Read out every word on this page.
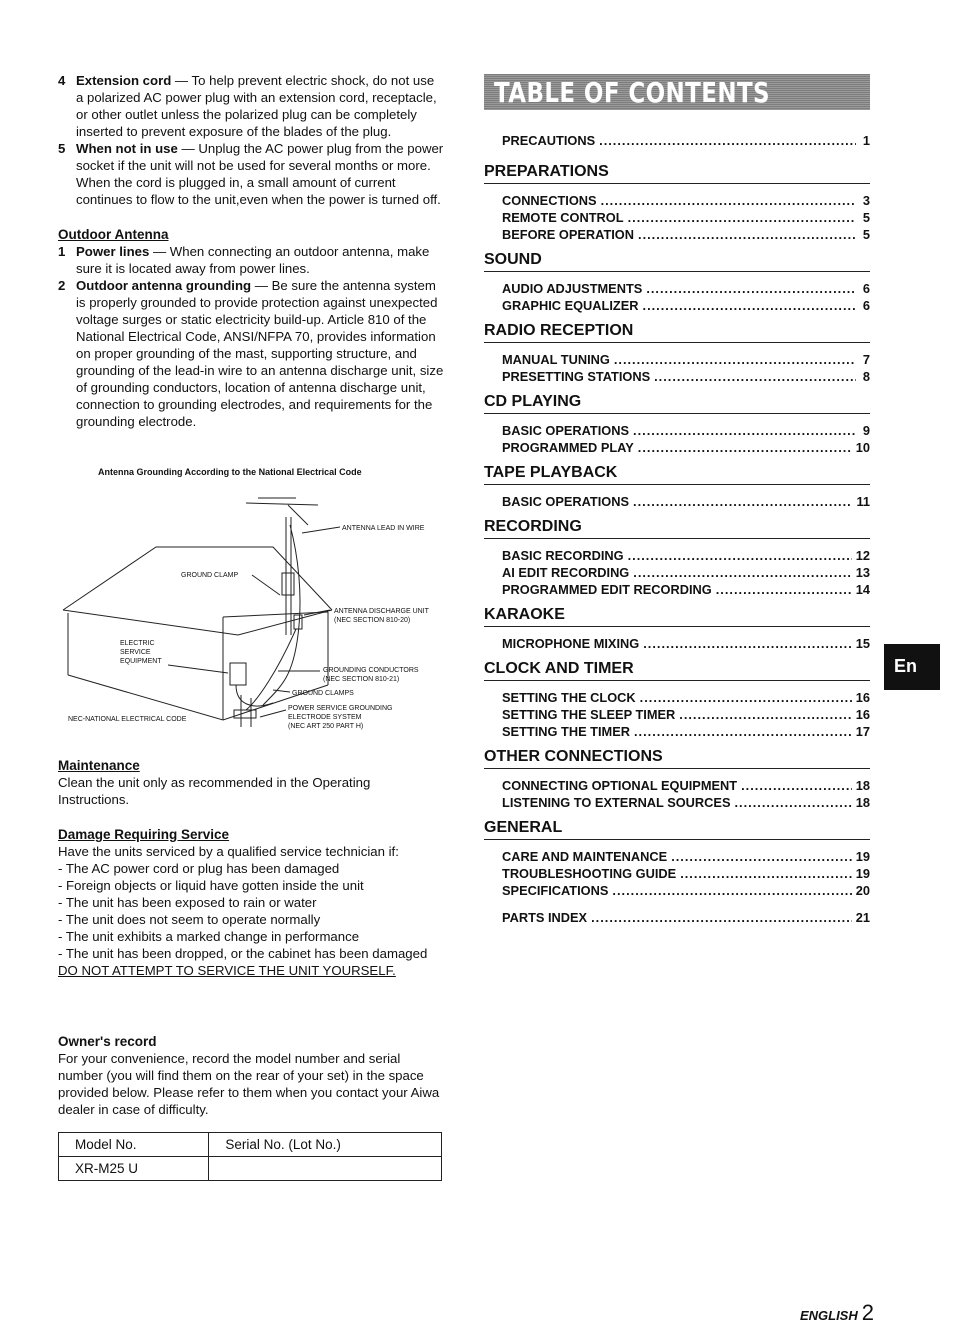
4 Extension cord — To help prevent electric shock, do not use a polarized AC power plug with an extension cord, receptacle, or other outlet unless the polarized plug can be completely inserted to prevent exposure of the blades of the plug.
5 When not in use — Unplug the AC power plug from the power socket if the unit will not be used for several months or more. When the cord is plugged in, a small amount of current continues to flow to the unit,even when the power is turned off.

Outdoor Antenna

1 Power lines — When connecting an outdoor antenna, make sure it is located away from power lines.
2 Outdoor antenna grounding — Be sure the antenna system is properly grounded to provide protection against unexpected voltage surges or static electricity build-up. Article 810 of the National Electrical Code, ANSI/NFPA 70, provides information on proper grounding of the mast, supporting structure, and grounding of the lead-in wire to an antenna discharge unit, size of grounding conductors, location of antenna discharge unit, connection to grounding electrodes, and requirements for the grounding electrode.
Antenna Grounding According to the National Electrical Code
ANTENNA LEAD IN WIRE
GROUND CLAMP
ANTENNA DISCHARGE UNIT
(NEC SECTION 810-20)
ELECTRIC
SERVICE
EQUIPMENT
GROUNDING CONDUCTORS
(NEC SECTION 810-21)
GROUND CLAMPS
POWER SERVICE GROUNDING
ELECTRODE SYSTEM
(NEC ART 250 PART H)
NEC-NATIONAL ELECTRICAL CODE

Maintenance

Clean the unit only as recommended in the Operating Instructions.

Damage Requiring Service

Have the units serviced by a qualified service technician if:
- The AC power cord or plug has been damaged
- Foreign objects or liquid have gotten inside the unit
- The unit has been exposed to rain or water
- The unit does not seem to operate normally
- The unit exhibits a marked change in performance
- The unit has been dropped, or the cabinet has been damaged
DO NOT ATTEMPT TO SERVICE THE UNIT YOURSELF.

Owner's record

For your convenience, record the model number and serial number (you will find them on the rear of your set) in the space provided below. Please refer to them when you contact your Aiwa dealer in case of difficulty.
Model No.	Serial No. (Lot No.)
XR-M25 U	
TABLE OF CONTENTS
PRECAUTIONS .....	1
PREPARATIONS
CONNECTIONS .....	3
REMOTE CONTROL .....	5
BEFORE OPERATION .....	5
SOUND
AUDIO ADJUSTMENTS .....	6
GRAPHIC EQUALIZER .....	6
RADIO RECEPTION
MANUAL TUNING .....	7
PRESETTING STATIONS .....	8
CD PLAYING
BASIC OPERATIONS .....	9
PROGRAMMED PLAY .....	10
TAPE PLAYBACK
BASIC OPERATIONS .....	11
RECORDING
BASIC RECORDING .....	12
AI EDIT RECORDING .....	13
PROGRAMMED EDIT RECORDING .....	14
KARAOKE
MICROPHONE MIXING .....	15
CLOCK AND TIMER
SETTING THE CLOCK .....	16
SETTING THE SLEEP TIMER .....	16
SETTING THE TIMER .....	17
OTHER CONNECTIONS
CONNECTING OPTIONAL EQUIPMENT .....	18
LISTENING TO EXTERNAL SOURCES .....	18
GENERAL
CARE AND MAINTENANCE .....	19
TROUBLESHOOTING GUIDE .....	19
SPECIFICATIONS .....	20
PARTS INDEX .....	21
En
ENGLISH 2
